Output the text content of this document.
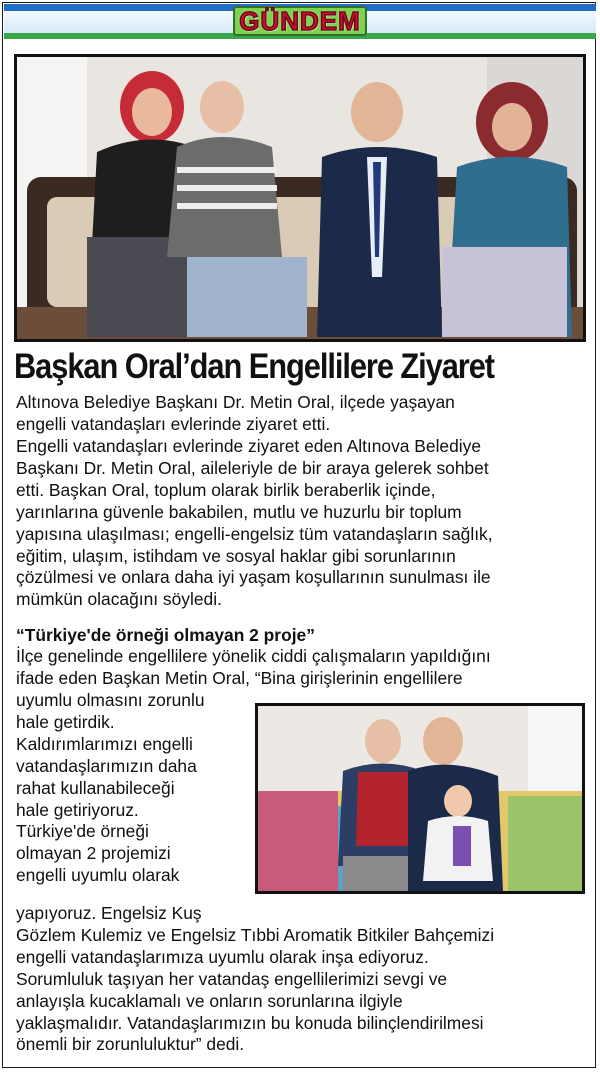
GÜNDEM
Başkan Oral’dan Engellilere Ziyaret
Altınova Belediye Başkanı Dr. Metin Oral, ilçede yaşayan
engelli vatandaşları evlerinde ziyaret etti.
Engelli vatandaşları evlerinde ziyaret eden Altınova Belediye
Başkanı Dr. Metin Oral, aileleriyle de bir araya gelerek sohbet
etti. Başkan Oral, toplum olarak birlik beraberlik içinde,
yarınlarına güvenle bakabilen, mutlu ve huzurlu bir toplum
yapısına ulaşılması; engelli-engelsiz tüm vatandaşların sağlık,
eğitim, ulaşım, istihdam ve sosyal haklar gibi sorunlarının
çözülmesi ve onlara daha iyi yaşam koşullarının sunulması ile
mümkün olacağını söyledi.
“Türkiye'de örneği olmayan 2 proje”
İlçe genelinde engellilere yönelik ciddi çalışmaların yapıldığını
ifade eden Başkan Metin Oral, “Bina girişlerinin engellilere
uyumlu olmasını zorunlu
hale getirdik.
Kaldırımlarımızı engelli
vatandaşlarımızın daha
rahat kullanabileceği
hale getiriyoruz.
Türkiye'de örneği
olmayan 2 projemizi
engelli uyumlu olarak
yapıyoruz. Engelsiz Kuş
Gözlem Kulemiz ve Engelsiz Tıbbi Aromatik Bitkiler Bahçemizi
engelli vatandaşlarımıza uyumlu olarak inşa ediyoruz.
Sorumluluk taşıyan her vatandaş engellilerimizi sevgi ve
anlayışla kucaklamalı ve onların sorunlarına ilgiyle
yaklaşmalıdır. Vatandaşlarımızın bu konuda bilinçlendirilmesi
önemli bir zorunluluktur” dedi.
